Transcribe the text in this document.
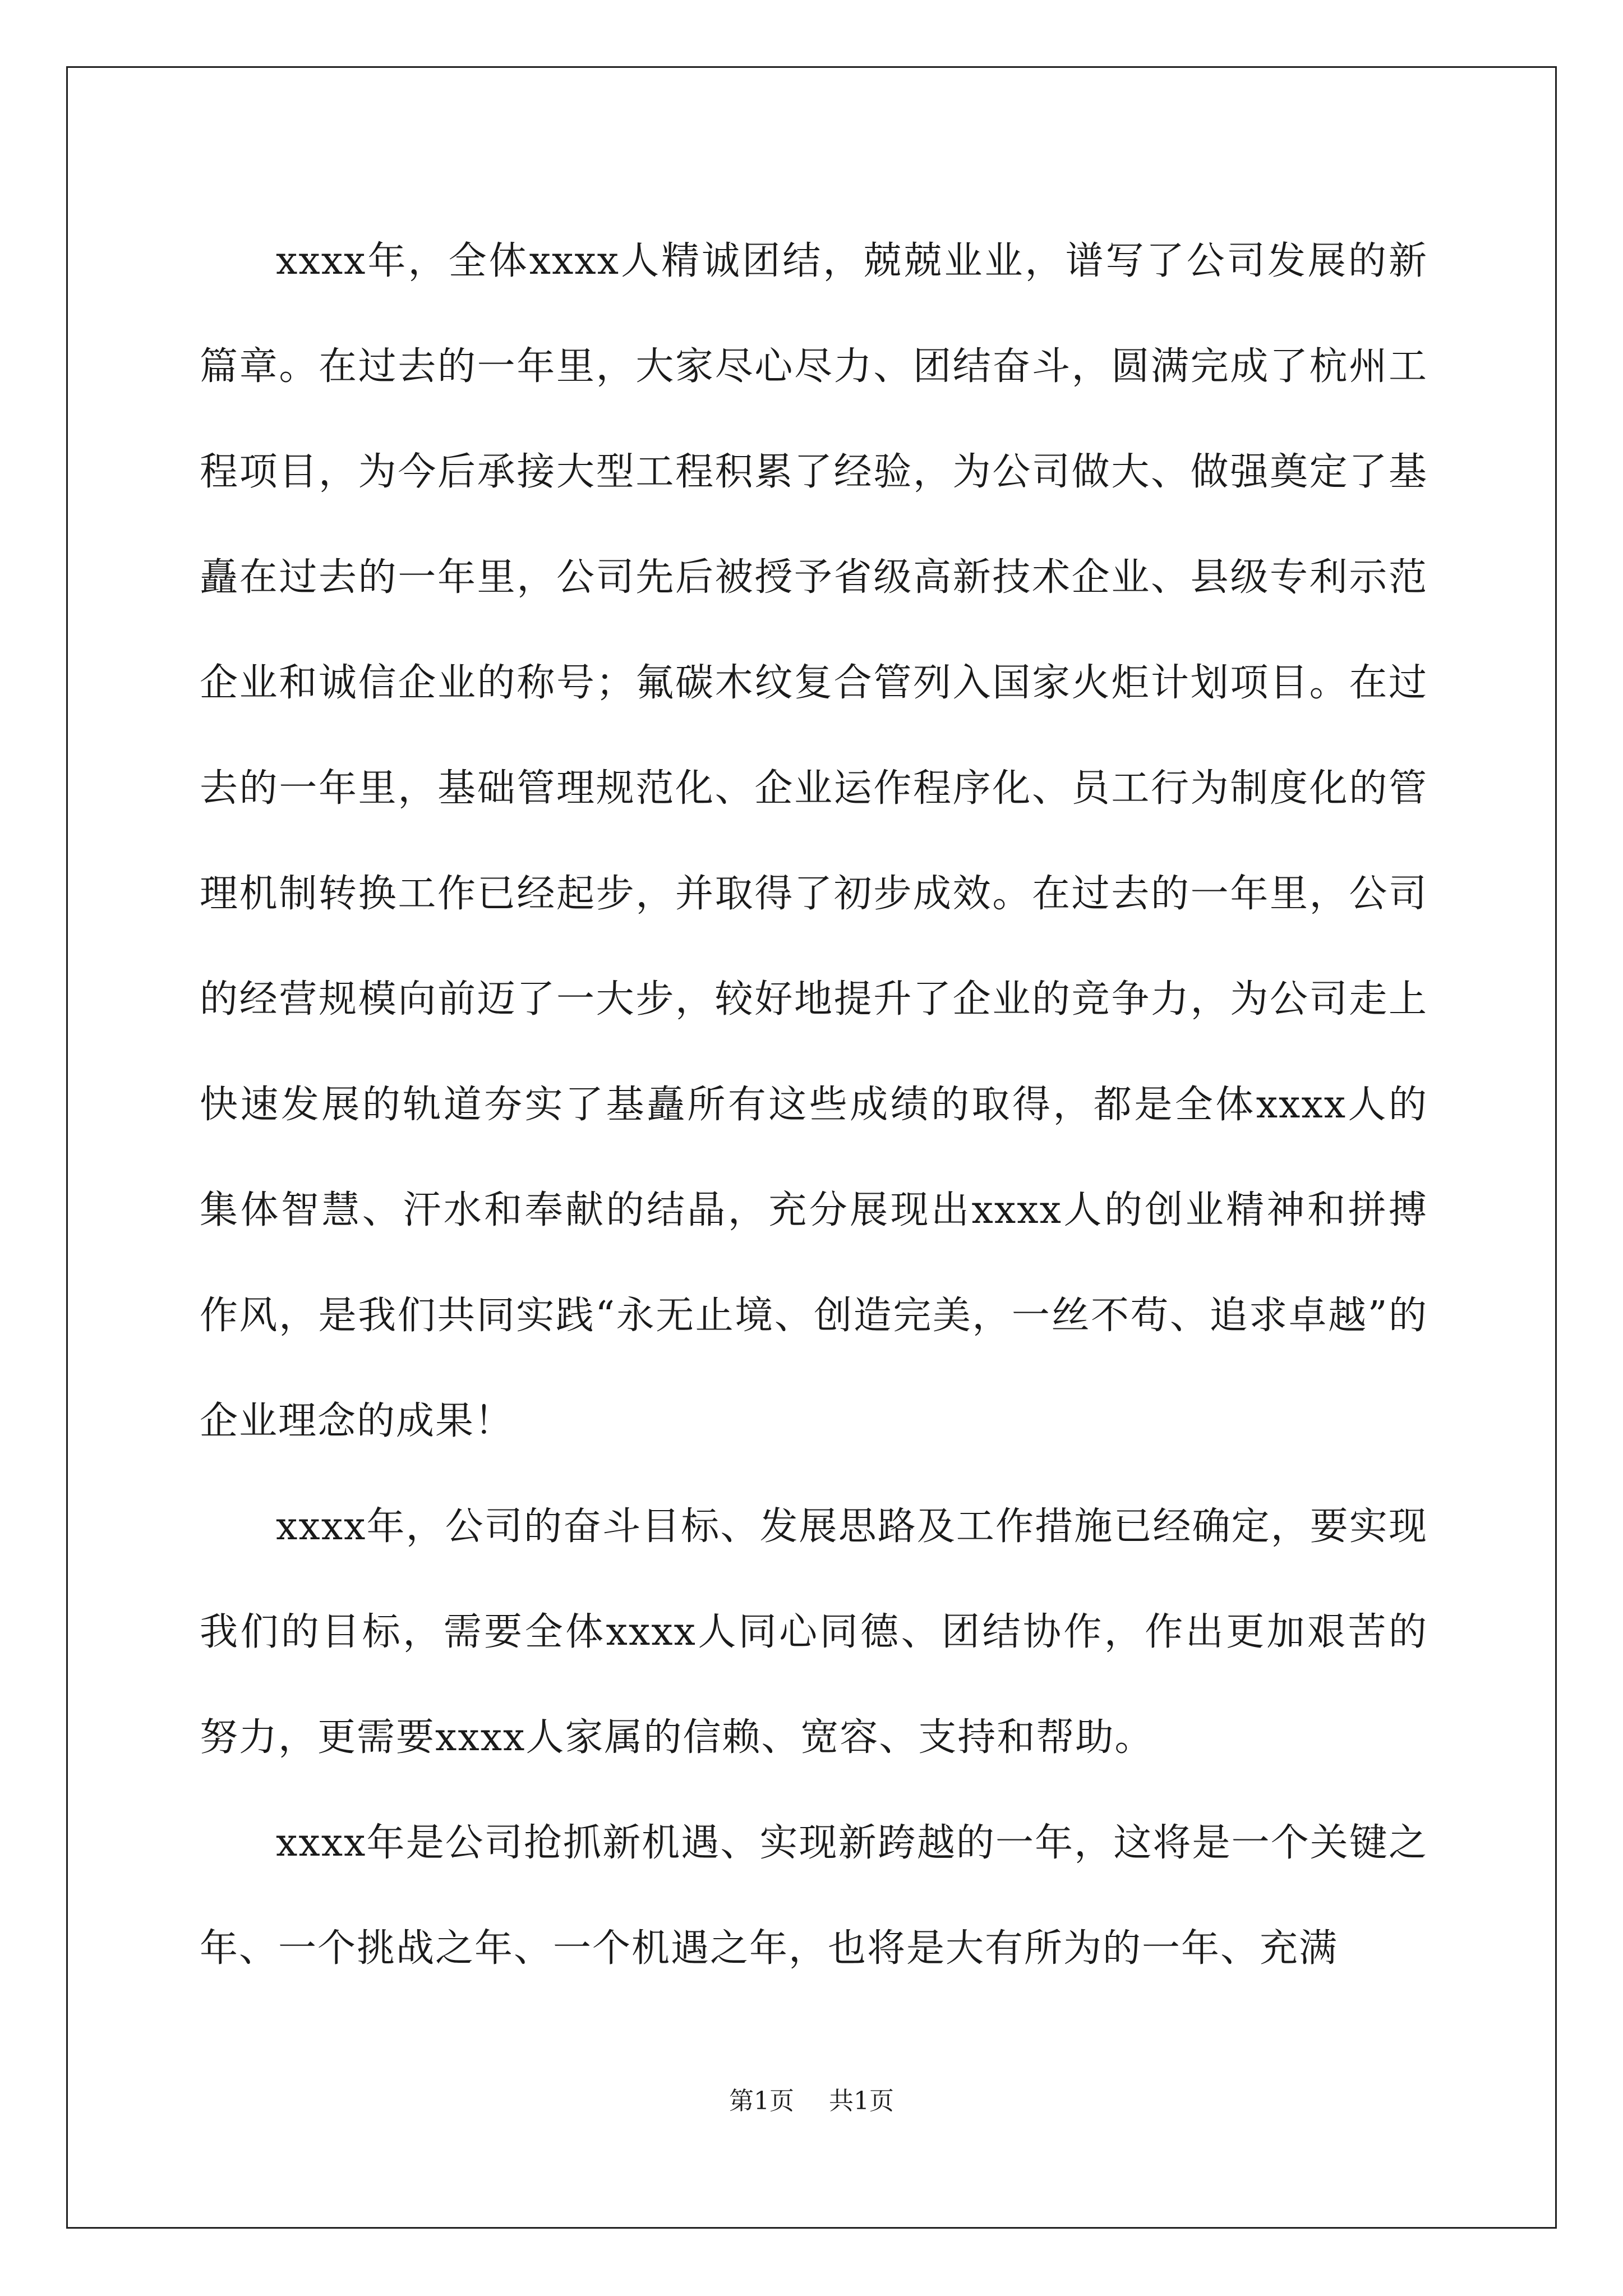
xxxx年，全体xxxx人精诚团结，兢兢业业，谱写了公司发展的新篇章。在过去的一年里，大家尽心尽力、团结奋斗，圆满完成了杭州工程项目，为今后承接大型工程积累了经验，为公司做大、做强奠定了基矗在过去的一年里，公司先后被授予省级高新技术企业、县级专利示范企业和诚信企业的称号；氟碳木纹复合管列入国家火炬计划项目。在过去的一年里，基础管理规范化、企业运作程序化、员工行为制度化的管理机制转换工作已经起步，并取得了初步成效。在过去的一年里，公司的经营规模向前迈了一大步，较好地提升了企业的竞争力，为公司走上快速发展的轨道夯实了基矗所有这些成绩的取得，都是全体xxxx人的集体智慧、汗水和奉献的结晶，充分展现出xxxx人的创业精神和拼搏作风，是我们共同实践“永无止境、创造完美，一丝不苟、追求卓越”的企业理念的成果！

xxxx年，公司的奋斗目标、发展思路及工作措施已经确定，要实现我们的目标，需要全体xxxx人同心同德、团结协作，作出更加艰苦的努力，更需要xxxx人家属的信赖、宽容、支持和帮助。

xxxx年是公司抢抓新机遇、实现新跨越的一年，这将是一个关键之年、一个挑战之年、一个机遇之年，也将是大有所为的一年、充满

第1页 共1页
